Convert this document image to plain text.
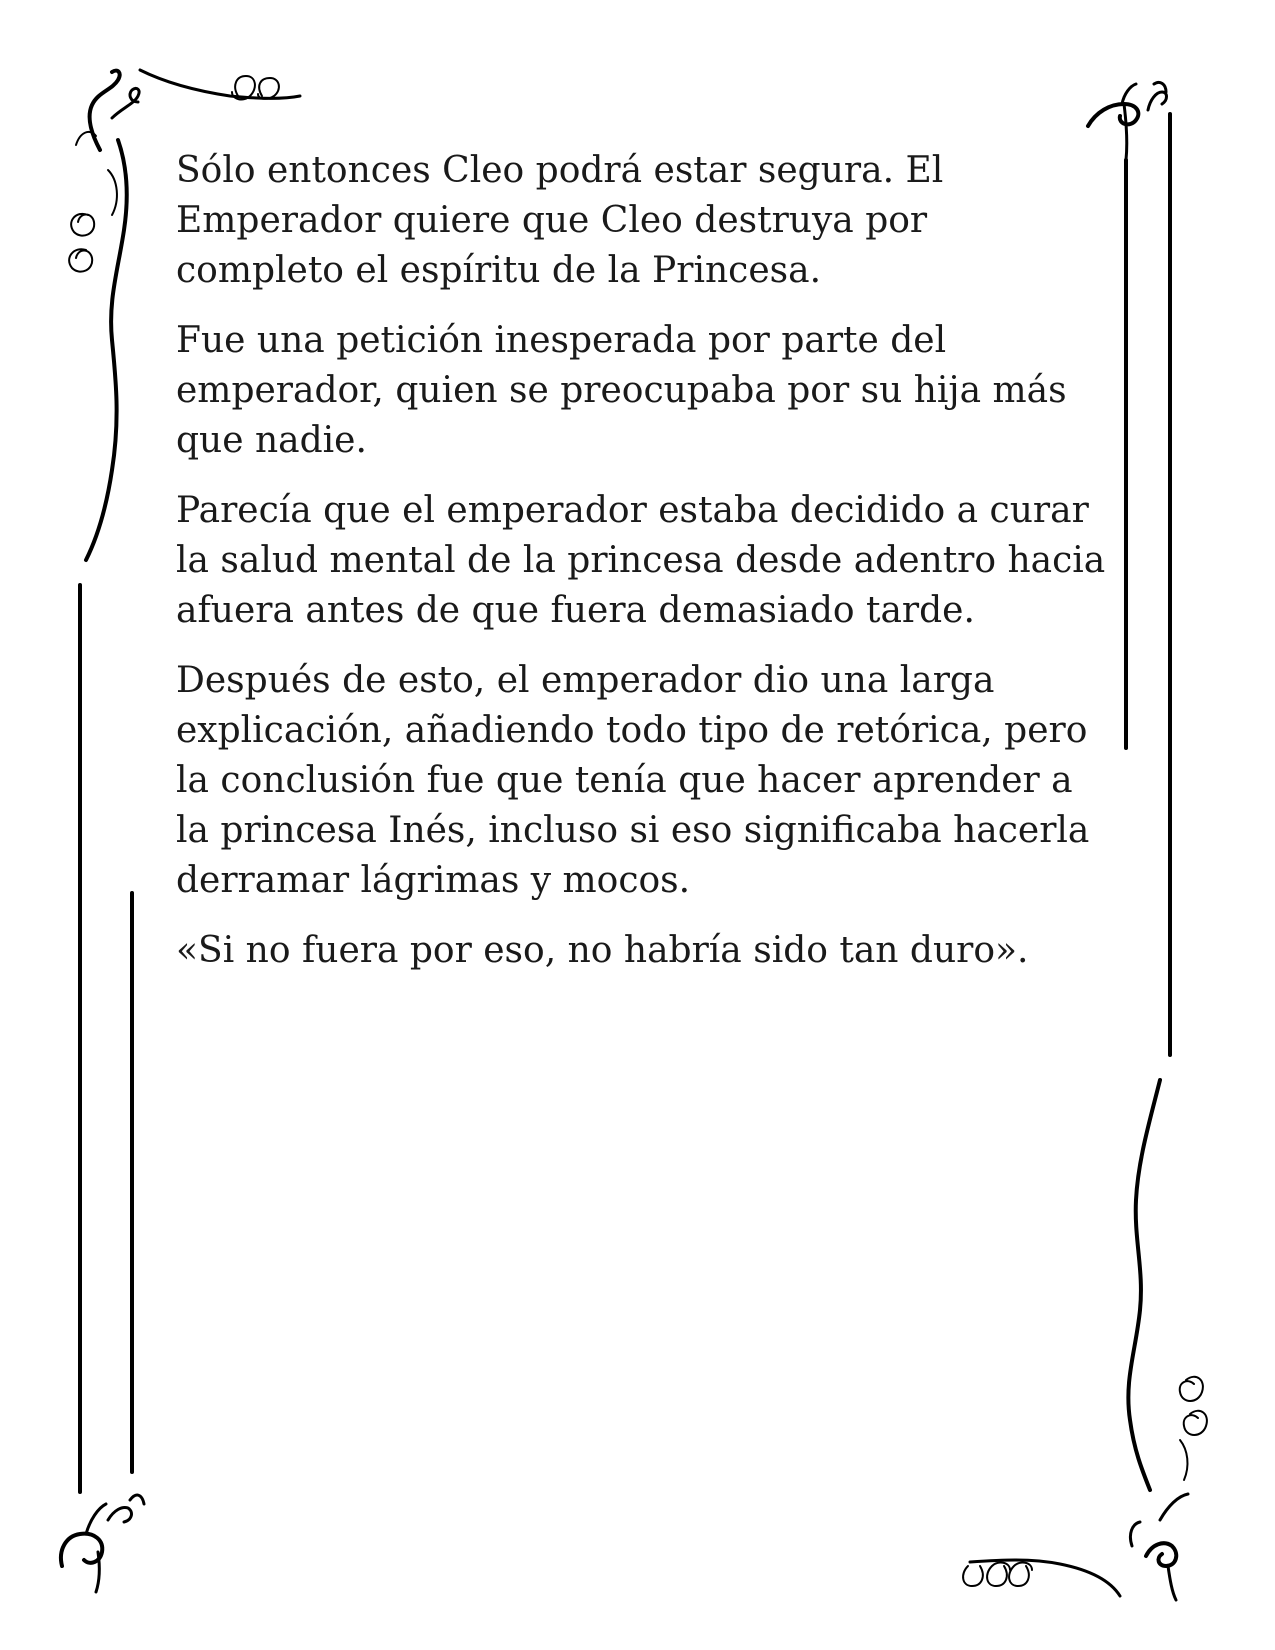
Sólo entonces Cleo podrá estar segura. El Emperador quiere que Cleo destruya por completo el espíritu de la Princesa.

Fue una petición inesperada por parte del emperador, quien se preocupaba por su hija más que nadie.

Parecía que el emperador estaba decidido a curar la salud mental de la princesa desde adentro hacia afuera antes de que fuera demasiado tarde.

Después de esto, el emperador dio una larga explicación, añadiendo todo tipo de retórica, pero la conclusión fue que tenía que hacer aprender a la princesa Inés, incluso si eso significaba hacerla derramar lágrimas y mocos.

«Si no fuera por eso, no habría sido tan duro».
